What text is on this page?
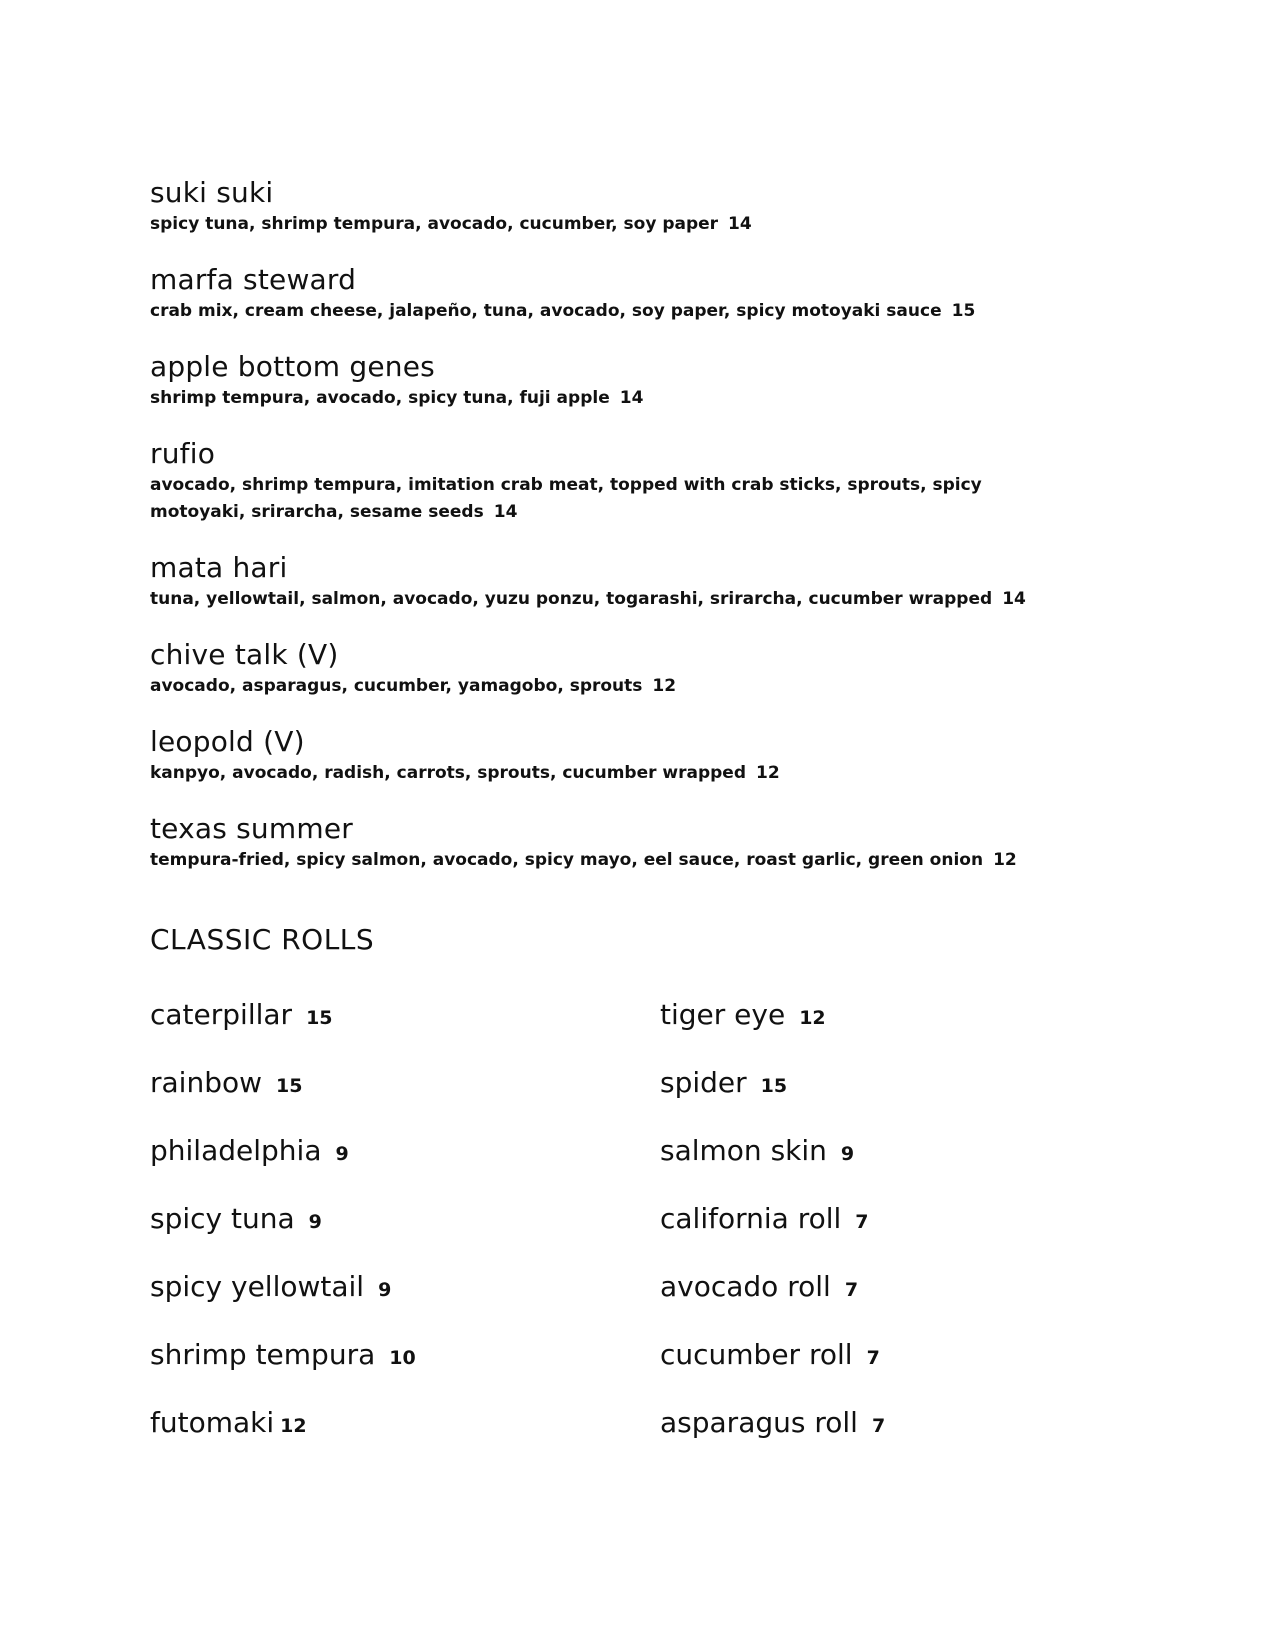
suki suki
spicy tuna, shrimp tempura, avocado, cucumber, soy paper 14
marfa steward
crab mix, cream cheese, jalapeño, tuna, avocado, soy paper, spicy motoyaki sauce 15
apple bottom genes
shrimp tempura, avocado, spicy tuna, fuji apple 14
rufio
avocado, shrimp tempura, imitation crab meat, topped with crab sticks, sprouts, spicy motoyaki, srirarcha, sesame seeds 14
mata hari
tuna, yellowtail, salmon, avocado, yuzu ponzu, togarashi, srirarcha, cucumber wrapped 14
chive talk (V)
avocado, asparagus, cucumber, yamagobo, sprouts 12
leopold (V)
kanpyo, avocado, radish, carrots, sprouts, cucumber wrapped 12
texas summer
tempura-fried, spicy salmon, avocado, spicy mayo, eel sauce, roast garlic, green onion 12
CLASSIC ROLLS
caterpillar 15	tiger eye 12
rainbow 15	spider 15
philadelphia 9	salmon skin 9
spicy tuna 9	california roll 7
spicy yellowtail 9	avocado roll 7
shrimp tempura 10	cucumber roll 7
futomaki 12	asparagus roll 7
